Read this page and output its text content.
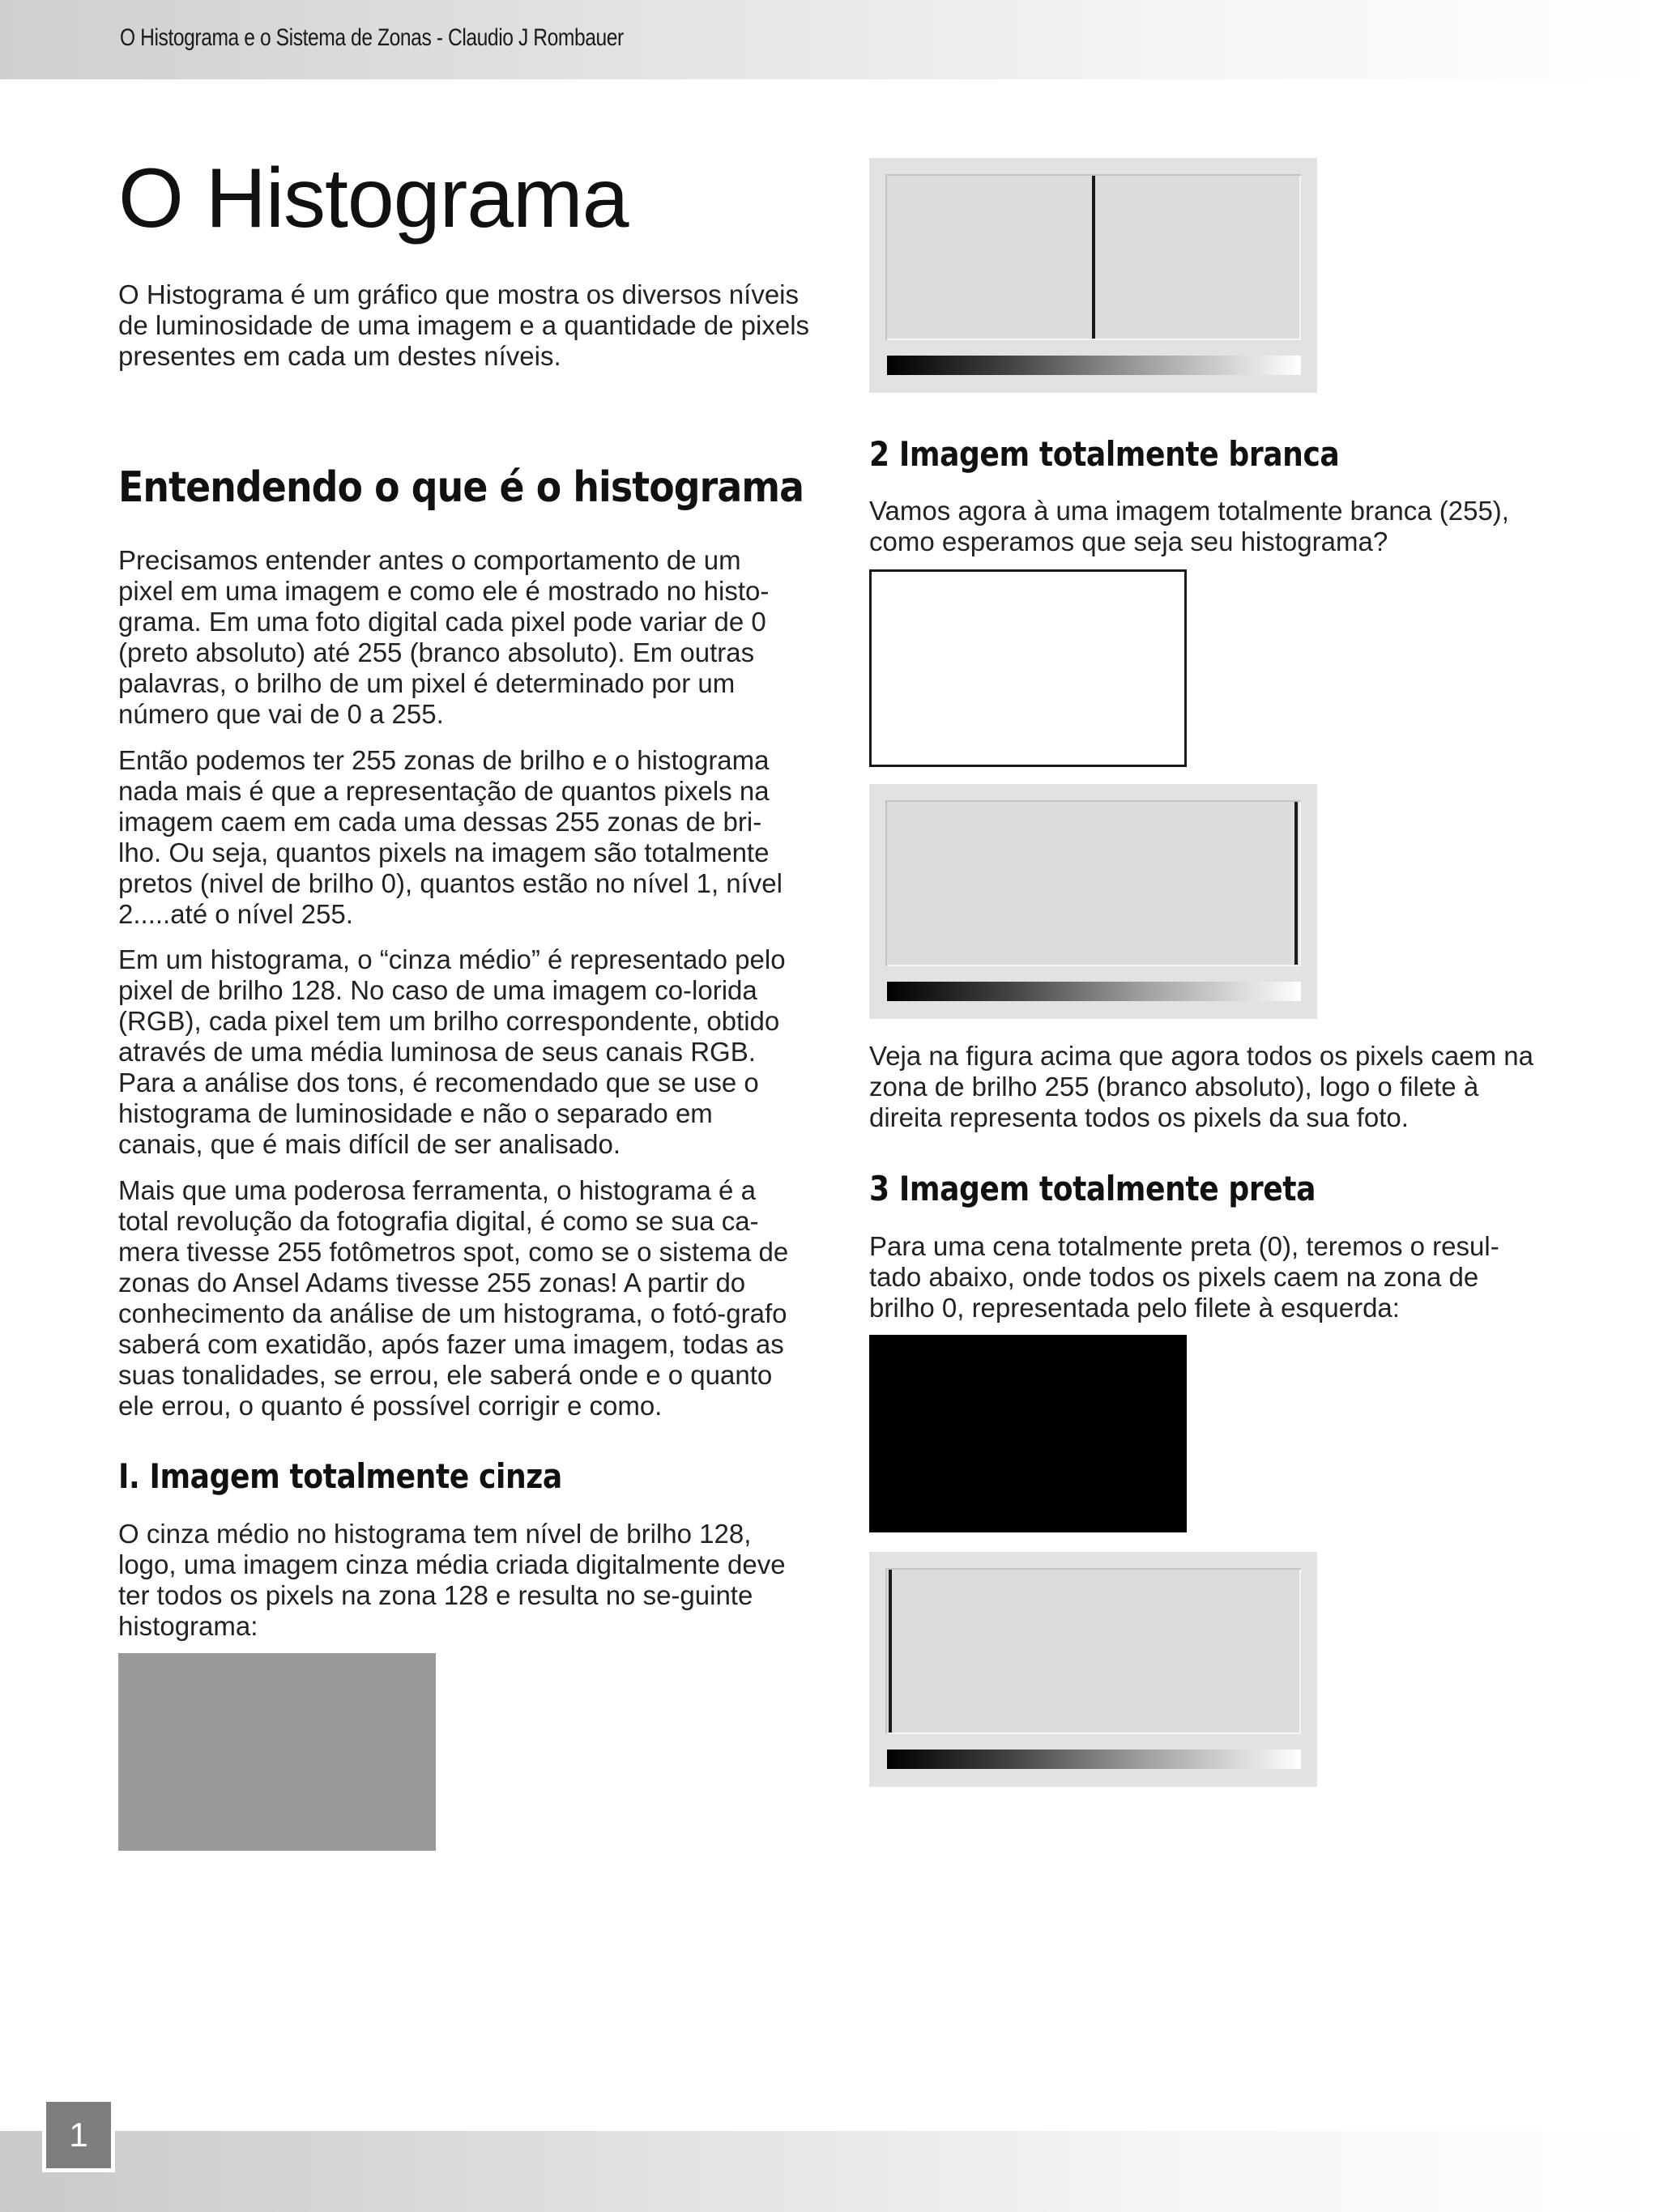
O Histograma e o Sistema de Zonas - Claudio J Rombauer
O Histograma

O Histograma é um gráfico que mostra os diversos níveis de luminosidade de uma imagem e a quantidade de pixels presentes em cada um destes níveis.

Entendendo o que é o histograma

Precisamos entender antes o comportamento de um pixel em uma imagem e como ele é mostrado no histo-grama. Em uma foto digital cada pixel pode variar de 0 (preto absoluto) até 255 (branco absoluto). Em outras palavras, o brilho de um pixel é determinado por um número que vai de 0 a 255.

Então podemos ter 255 zonas de brilho e o histograma nada mais é que a representação de quantos pixels na imagem caem em cada uma dessas 255 zonas de bri-lho. Ou seja, quantos pixels na imagem são totalmente pretos (nivel de brilho 0), quantos estão no nível 1, nível 2.....até o nível 255.

Em um histograma, o “cinza médio” é representado pelo pixel de brilho 128. No caso de uma imagem co-lorida (RGB), cada pixel tem um brilho correspondente, obtido através de uma média luminosa de seus canais RGB. Para a análise dos tons, é recomendado que se use o histograma de luminosidade e não o separado em canais, que é mais difícil de ser analisado.

Mais que uma poderosa ferramenta, o histograma é a total revolução da fotografia digital, é como se sua ca-mera tivesse 255 fotômetros spot, como se o sistema de zonas do Ansel Adams tivesse 255 zonas! A partir do conhecimento da análise de um histograma, o fotó-grafo saberá com exatidão, após fazer uma imagem, todas as suas tonalidades, se errou, ele saberá onde e o quanto ele errou, o quanto é possível corrigir e como.

I. Imagem totalmente cinza

O cinza médio no histograma tem nível de brilho 128, logo, uma imagem cinza média criada digitalmente deve ter todos os pixels na zona 128 e resulta no se-guinte histograma:

2 Imagem totalmente branca

Vamos agora à uma imagem totalmente branca (255), como esperamos que seja seu histograma?

Veja na figura acima que agora todos os pixels caem na zona de brilho 255 (branco absoluto), logo o filete à direita representa todos os pixels da sua foto.

3 Imagem totalmente preta

Para uma cena totalmente preta (0), teremos o resul-tado abaixo, onde todos os pixels caem na zona de brilho 0, representada pelo filete à esquerda:

1
